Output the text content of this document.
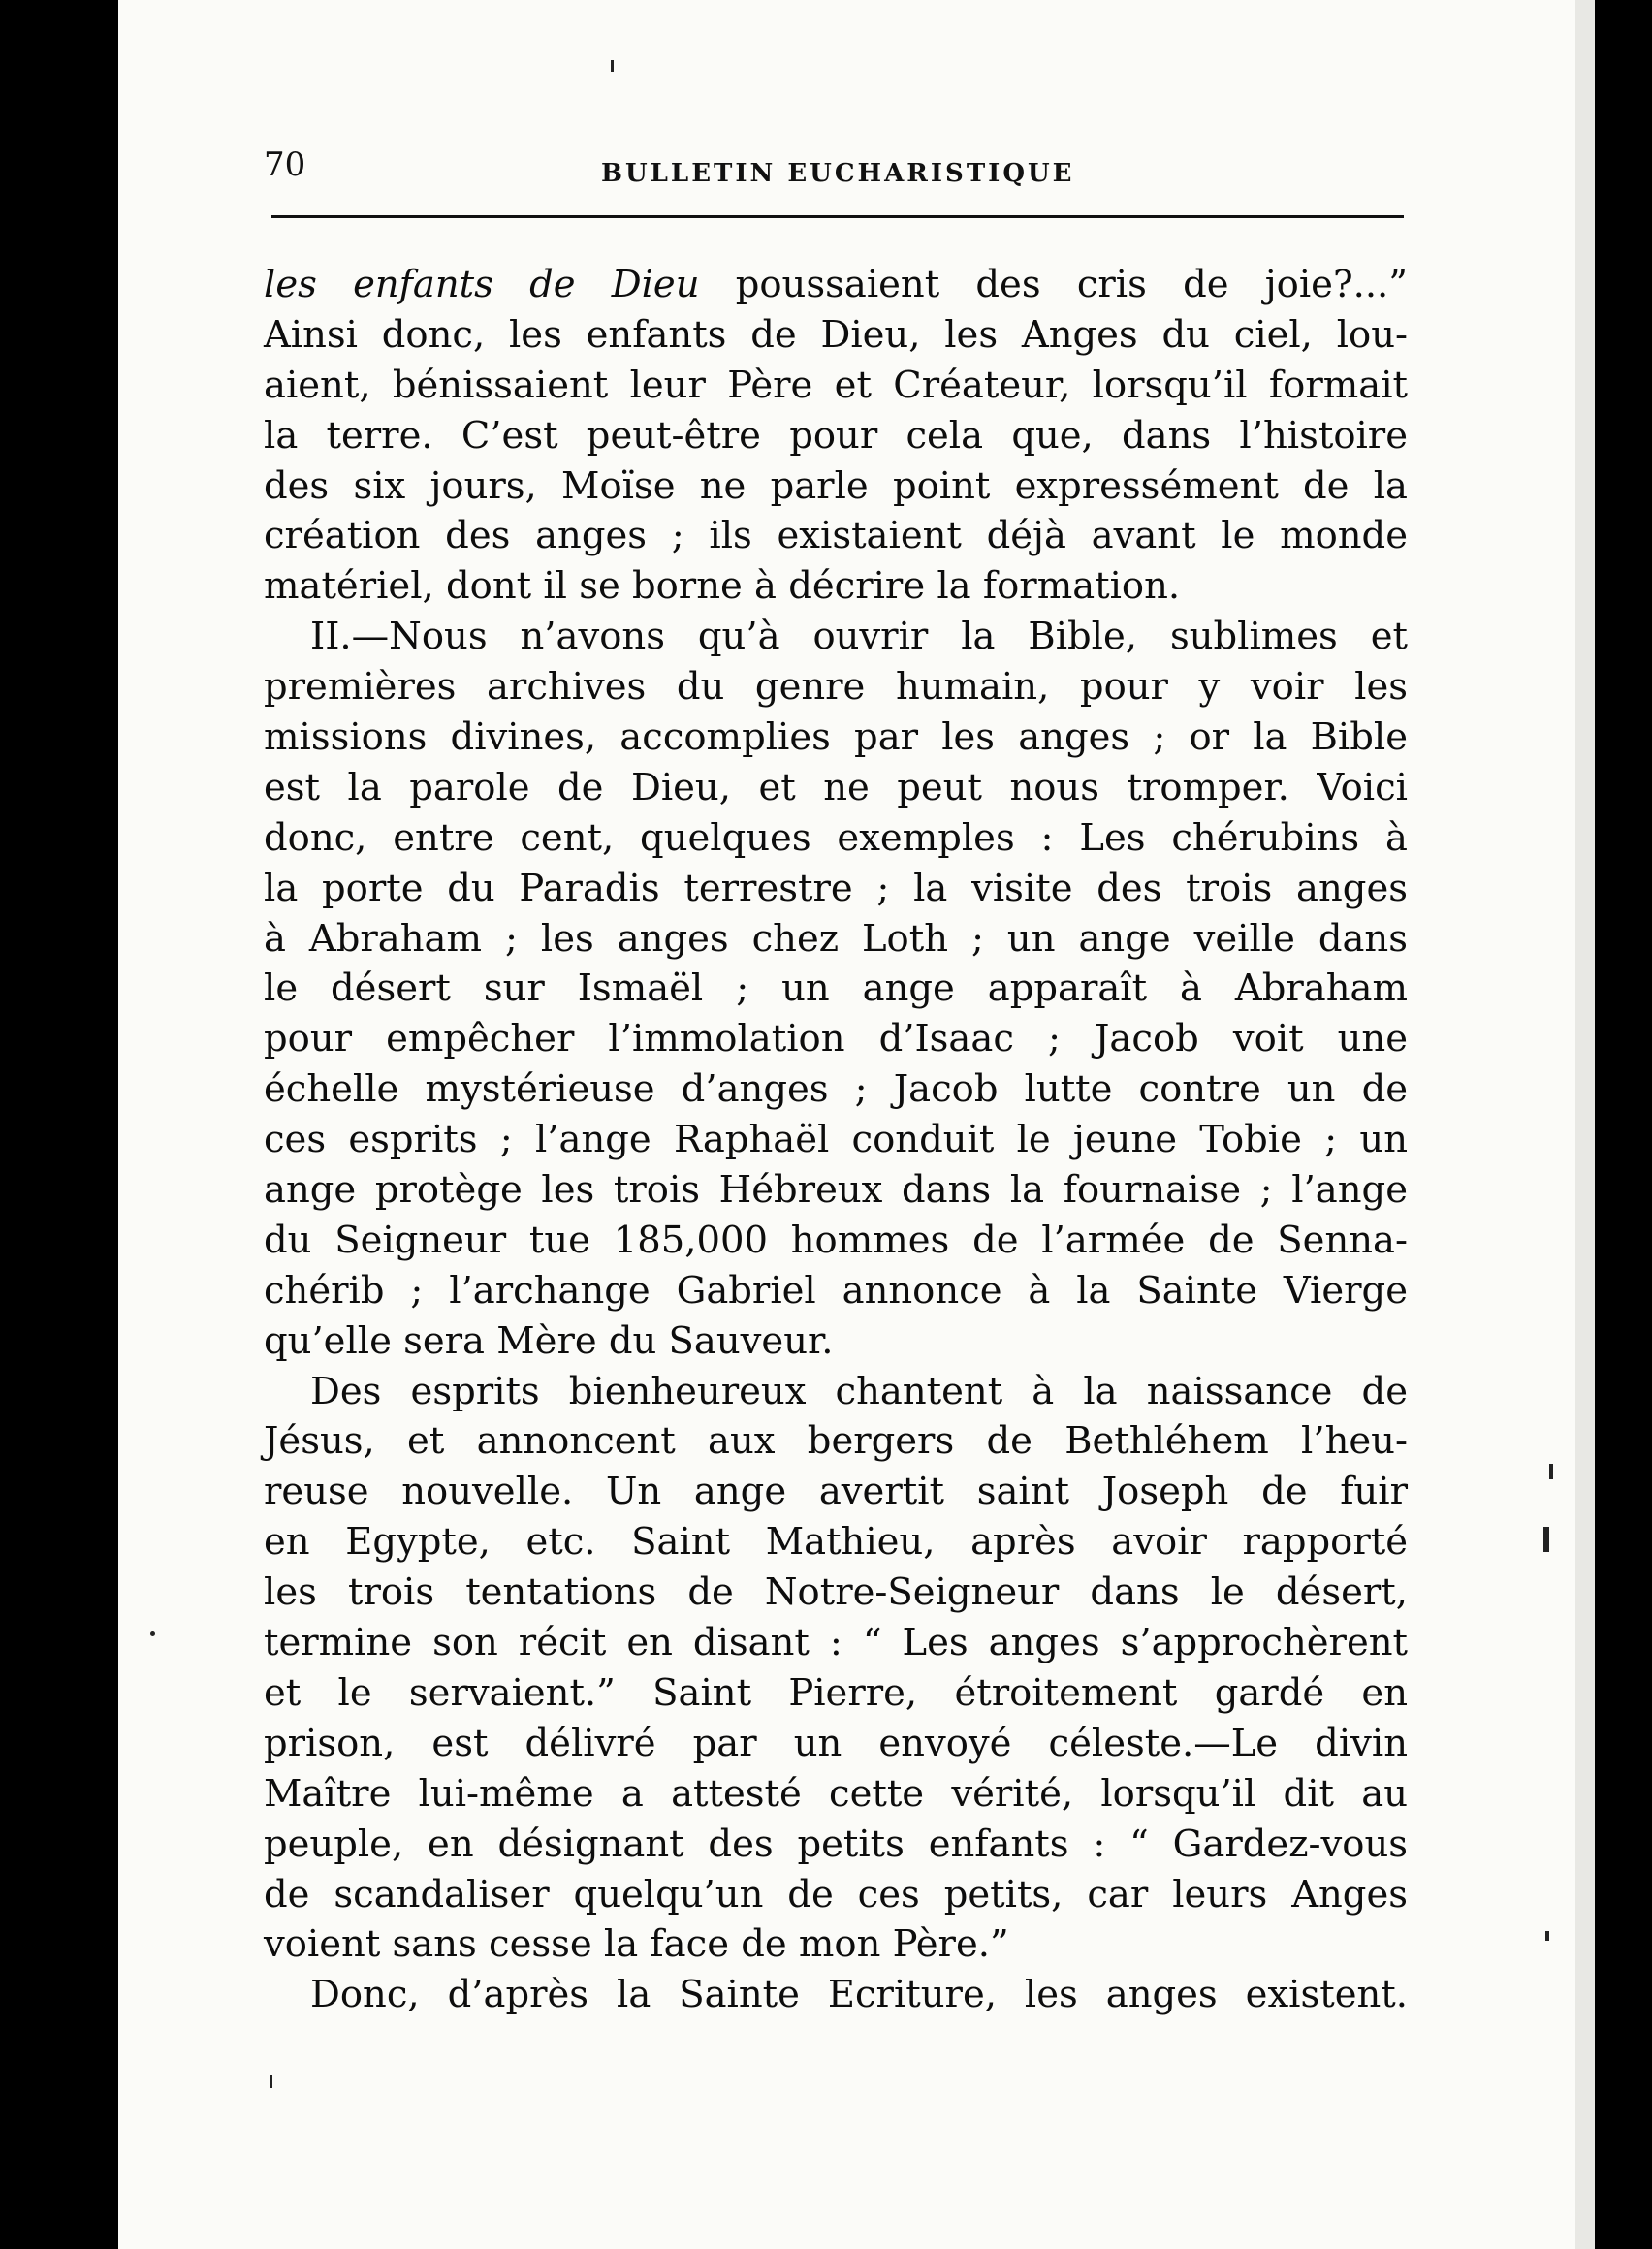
70	BULLETIN EUCHARISTIQUE
les enfants de Dieu poussaient des cris de joie?...”
Ainsi donc, les enfants de Dieu, les Anges du ciel, lou-
aient, bénissaient leur Père et Créateur, lorsqu’il formait
la terre. C’est peut-être pour cela que, dans l’histoire
des six jours, Moïse ne parle point expressément de la
création des anges ; ils existaient déjà avant le monde
matériel, dont il se borne à décrire la formation.
II.—Nous n’avons qu’à ouvrir la Bible, sublimes et
premières archives du genre humain, pour y voir les
missions divines, accomplies par les anges ; or la Bible
est la parole de Dieu, et ne peut nous tromper. Voici
donc, entre cent, quelques exemples : Les chérubins à
la porte du Paradis terrestre ; la visite des trois anges
à Abraham ; les anges chez Loth ; un ange veille dans
le désert sur Ismaël ; un ange apparaît à Abraham
pour empêcher l’immolation d’Isaac ; Jacob voit une
échelle mystérieuse d’anges ; Jacob lutte contre un de
ces esprits ; l’ange Raphaël conduit le jeune Tobie ; un
ange protège les trois Hébreux dans la fournaise ; l’ange
du Seigneur tue 185,000 hommes de l’armée de Senna-
chérib ; l’archange Gabriel annonce à la Sainte Vierge
qu’elle sera Mère du Sauveur.
Des esprits bienheureux chantent à la naissance de
Jésus, et annoncent aux bergers de Bethléhem l’heu-
reuse nouvelle. Un ange avertit saint Joseph de fuir
en Egypte, etc. Saint Mathieu, après avoir rapporté
les trois tentations de Notre-Seigneur dans le désert,
termine son récit en disant : “ Les anges s’approchèrent
et le servaient.” Saint Pierre, étroitement gardé en
prison, est délivré par un envoyé céleste.—Le divin
Maître lui-même a attesté cette vérité, lorsqu’il dit au
peuple, en désignant des petits enfants : “ Gardez-vous
de scandaliser quelqu’un de ces petits, car leurs Anges
voient sans cesse la face de mon Père.”
Donc, d’après la Sainte Ecriture, les anges existent.
